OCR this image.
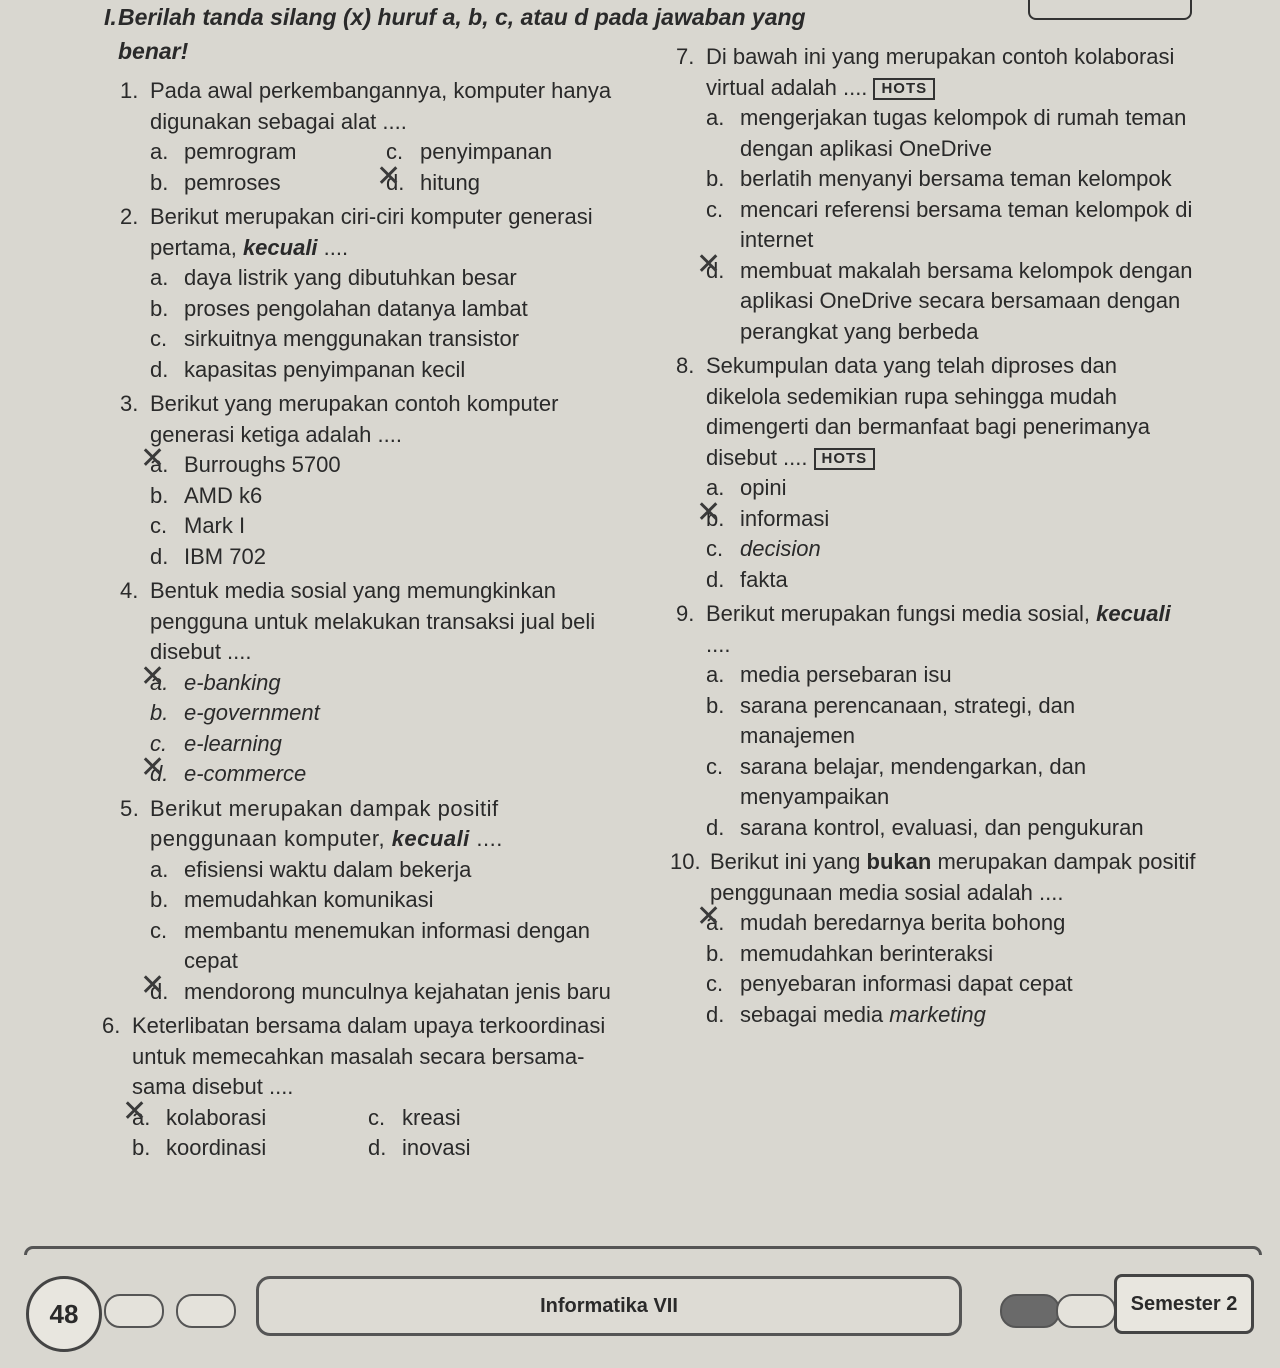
I. Berilah tanda silang (x) huruf a, b, c, atau d pada jawaban yang
benar!
1. Pada awal perkembangannya, komputer hanya digunakan sebagai alat ....
a. pemrogram	c. penyimpanan
b. pemroses	d. ✕ hitung
2. Berikut merupakan ciri-ciri komputer generasi pertama, kecuali ....
a. daya listrik yang dibutuhkan besar
b. proses pengolahan datanya lambat
c. sirkuitnya menggunakan transistor
d. kapasitas penyimpanan kecil
3. Berikut yang merupakan contoh komputer generasi ketiga adalah ....
a. ✕ Burroughs 5700
b. AMD k6
c. Mark I
d. IBM 702
4. Bentuk media sosial yang memungkinkan pengguna untuk melakukan transaksi jual beli disebut ....
a. ✕ e-banking
b. e-government
c. e-learning
d. ✕ e-commerce
5. Berikut merupakan dampak positif penggunaan komputer, kecuali ....
a. efisiensi waktu dalam bekerja
b. memudahkan komunikasi
c. membantu menemukan informasi dengan cepat
d. ✕ mendorong munculnya kejahatan jenis baru
6. Keterlibatan bersama dalam upaya terkoordinasi untuk memecahkan masalah secara bersama-sama disebut ....
a. ✕ kolaborasi	c. kreasi
b. koordinasi	d. inovasi
7. Di bawah ini yang merupakan contoh kolaborasi virtual adalah .... HOTS
a. mengerjakan tugas kelompok di rumah teman dengan aplikasi OneDrive
b. berlatih menyanyi bersama teman kelompok
c. mencari referensi bersama teman kelompok di internet
d. ✕ membuat makalah bersama kelompok dengan aplikasi OneDrive secara bersamaan dengan perangkat yang berbeda
8. Sekumpulan data yang telah diproses dan dikelola sedemikian rupa sehingga mudah dimengerti dan bermanfaat bagi penerimanya disebut .... HOTS
a. opini
b. ✕ informasi
c. decision
d. fakta
9. Berikut merupakan fungsi media sosial, kecuali ....
a. media persebaran isu
b. sarana perencanaan, strategi, dan manajemen
c. sarana belajar, mendengarkan, dan menyampaikan
d. sarana kontrol, evaluasi, dan pengukuran
10. Berikut ini yang bukan merupakan dampak positif penggunaan media sosial adalah ....
a. ✕ mudah beredarnya berita bohong
b. memudahkan berinteraksi
c. penyebaran informasi dapat cepat
d. sebagai media marketing
Informatika VII
48	Semester 2
